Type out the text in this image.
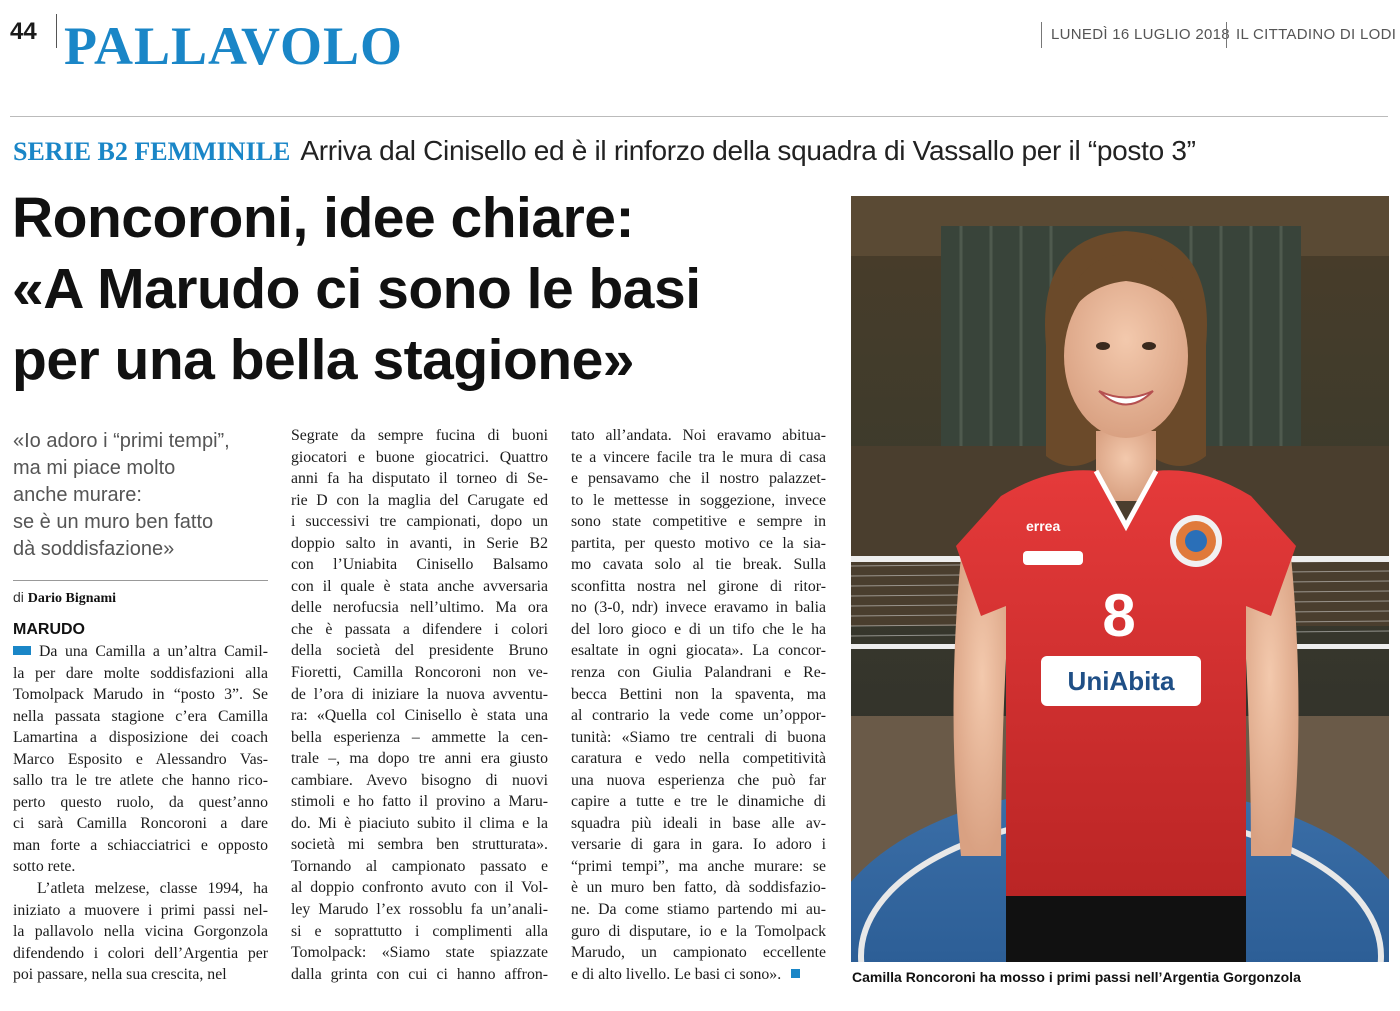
44 PALLAVOLO	LUNEDÌ 16 LUGLIO 2018 IL CITTADINO DI LODI
SERIE B2 FEMMINILE Arriva dal Cinisello ed è il rinforzo della squadra di Vassallo per il “posto 3”
Roncoroni, idee chiare:
«A Marudo ci sono le basi
per una bella stagione»
«Io adoro i “primi tempi”,
ma mi piace molto
anche murare:
se è un muro ben fatto
dà soddisfazione»
di Dario Bignami
MARUDO
Da una Camilla a un’altra Camil-
la per dare molte soddisfazioni alla
Tomolpack Marudo in “posto 3”. Se
nella passata stagione c’era Camilla
Lamartina a disposizione dei coach
Marco Esposito e Alessandro Vas-
sallo tra le tre atlete che hanno rico-
perto questo ruolo, da quest’anno
ci sarà Camilla Roncoroni a dare
man forte a schiacciatrici e opposto
sotto rete.
L’atleta melzese, classe 1994, ha
iniziato a muovere i primi passi nel-
la pallavolo nella vicina Gorgonzola
difendendo i colori dell’Argentia per
poi passare, nella sua crescita, nel
Segrate da sempre fucina di buoni
giocatori e buone giocatrici. Quattro
anni fa ha disputato il torneo di Se-
rie D con la maglia del Carugate ed
i successivi tre campionati, dopo un
doppio salto in avanti, in Serie B2
con l’Uniabita Cinisello Balsamo
con il quale è stata anche avversaria
delle nerofucsia nell’ultimo. Ma ora
che è passata a difendere i colori
della società del presidente Bruno
Fioretti, Camilla Roncoroni non ve-
de l’ora di iniziare la nuova avventu-
ra: «Quella col Cinisello è stata una
bella esperienza – ammette la cen-
trale –, ma dopo tre anni era giusto
cambiare. Avevo bisogno di nuovi
stimoli e ho fatto il provino a Maru-
do. Mi è piaciuto subito il clima e la
società mi sembra ben strutturata».
Tornando al campionato passato e
al doppio confronto avuto con il Vol-
ley Marudo l’ex rossoblu fa un’anali-
si e soprattutto i complimenti alla
Tomolpack: «Siamo state spiazzate
dalla grinta con cui ci hanno affron-
tato all’andata. Noi eravamo abitua-
te a vincere facile tra le mura di casa
e pensavamo che il nostro palazzet-
to le mettesse in soggezione, invece
sono state competitive e sempre in
partita, per questo motivo ce la sia-
mo cavata solo al tie break. Sulla
sconfitta nostra nel girone di ritor-
no (3-0, ndr) invece eravamo in balia
del loro gioco e di un tifo che le ha
esaltate in ogni giocata». La concor-
renza con Giulia Palandrani e Re-
becca Bettini non la spaventa, ma
al contrario la vede come un’oppor-
tunità: «Siamo tre centrali di buona
caratura e vedo nella competitività
una nuova esperienza che può far
capire a tutte e tre le dinamiche di
squadra più ideali in base alle av-
versarie di gara in gara. Io adoro i
“primi tempi”, ma anche murare: se
è un muro ben fatto, dà soddisfazio-
ne. Da come stiamo partendo mi au-
guro di disputare, io e la Tomolpack
Marudo, un campionato eccellente
e di alto livello. Le basi ci sono».
errea
8
UniAbita
Camilla Roncoroni ha mosso i primi passi nell’Argentia Gorgonzola
